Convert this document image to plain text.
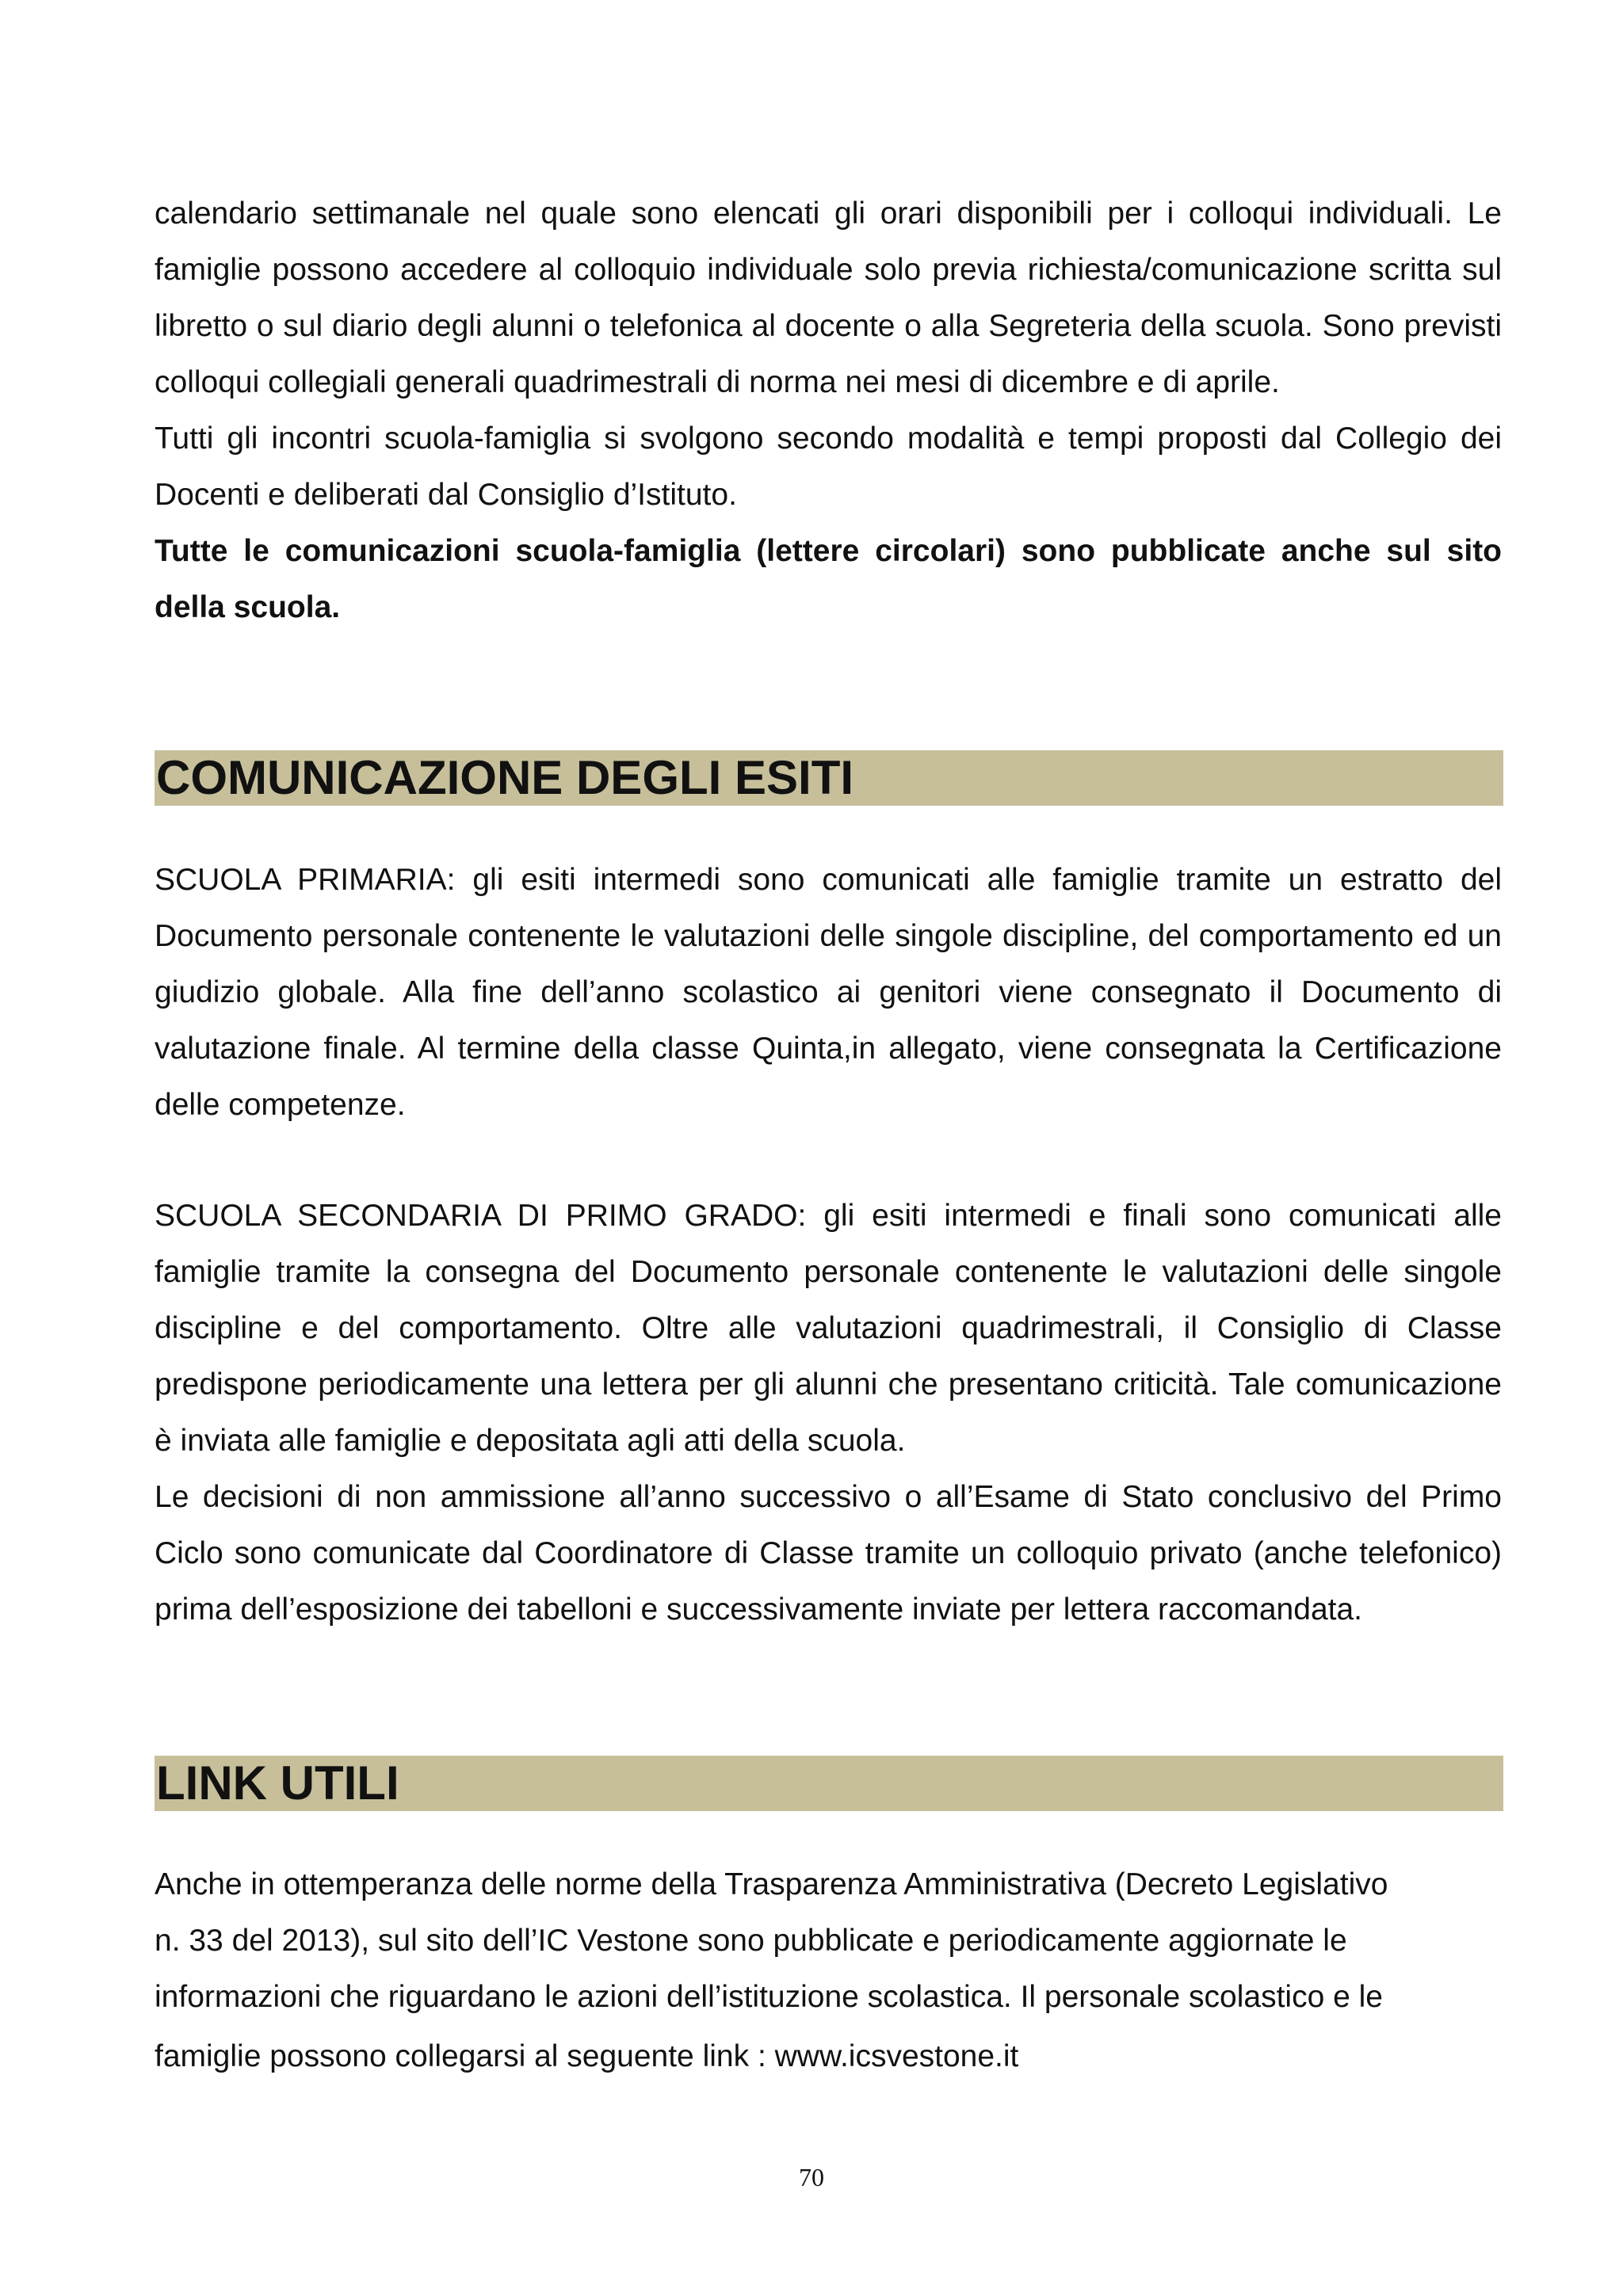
calendario settimanale nel quale sono elencati gli orari disponibili per i colloqui individuali. Le famiglie possono accedere al colloquio individuale solo previa richiesta/comunicazione scritta sul libretto o sul diario degli alunni o telefonica al docente o alla Segreteria della scuola. Sono previsti colloqui collegiali generali quadrimestrali di norma nei mesi di dicembre e di aprile.

Tutti gli incontri scuola-famiglia si svolgono secondo modalità e tempi proposti dal Collegio dei Docenti e deliberati dal Consiglio d’Istituto.

Tutte le comunicazioni scuola-famiglia (lettere circolari) sono pubblicate anche sul sito della scuola.

COMUNICAZIONE DEGLI ESITI

SCUOLA PRIMARIA: gli esiti intermedi sono comunicati alle famiglie tramite un estratto del Documento personale contenente le valutazioni delle singole discipline, del comportamento ed un giudizio globale. Alla fine dell’anno scolastico ai genitori viene consegnato il Documento di valutazione finale. Al termine della classe Quinta,in allegato, viene consegnata la Certificazione delle competenze.

SCUOLA SECONDARIA DI PRIMO GRADO: gli esiti intermedi e finali sono comunicati alle famiglie tramite la consegna del Documento personale contenente le valutazioni delle singole discipline e del comportamento. Oltre alle valutazioni quadrimestrali, il Consiglio di Classe predispone periodicamente una lettera per gli alunni che presentano criticità. Tale comunicazione è inviata alle famiglie e depositata agli atti della scuola.

Le decisioni di non ammissione all’anno successivo o all’Esame di Stato conclusivo del Primo Ciclo sono comunicate dal Coordinatore di Classe tramite un colloquio privato (anche telefonico) prima dell’esposizione dei tabelloni e successivamente inviate per lettera raccomandata.

LINK UTILI

Anche in ottemperanza delle norme della Trasparenza Amministrativa (Decreto Legislativo

n. 33 del 2013), sul sito dell’IC Vestone sono pubblicate e periodicamente aggiornate le

informazioni che riguardano le azioni dell’istituzione scolastica. Il personale scolastico e le

famiglie possono collegarsi al seguente link : www.icsvestone.it

70
